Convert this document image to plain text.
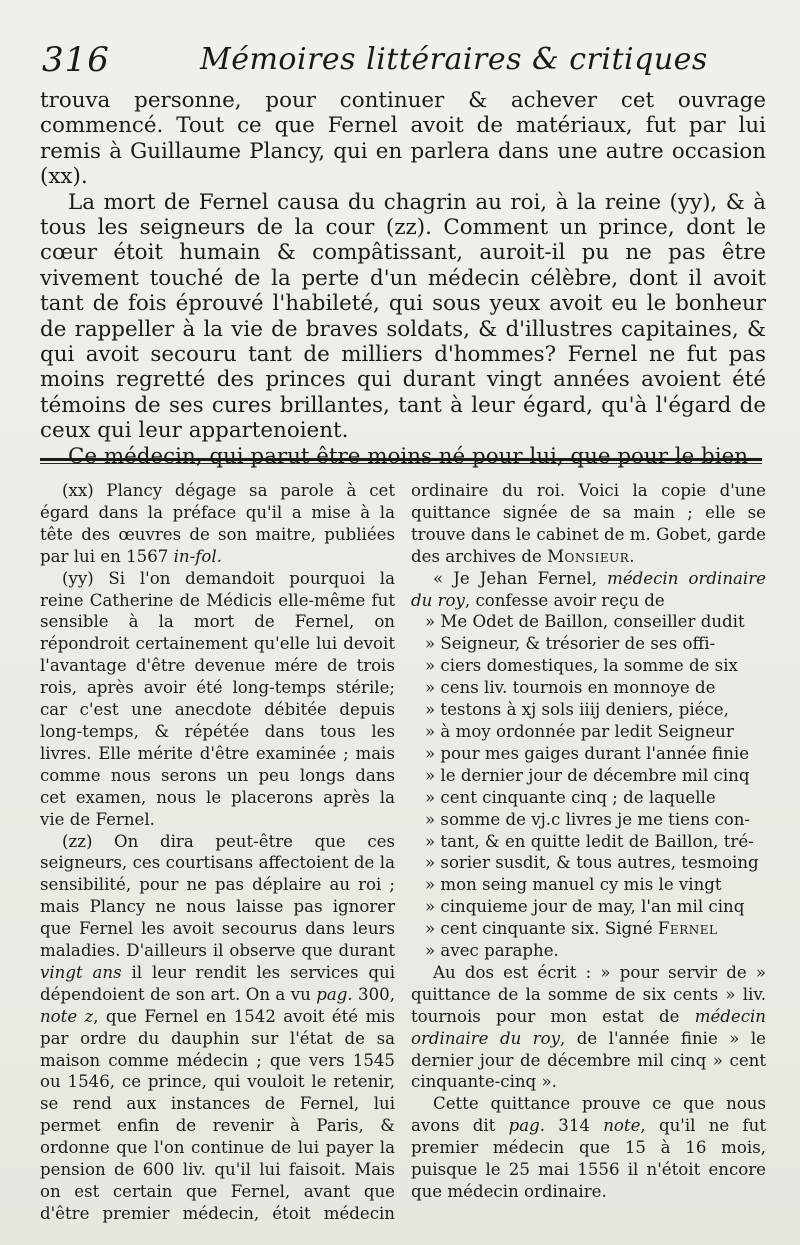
316	Mémoires littéraires & critiques

trouva personne, pour continuer & achever cet ouvrage commencé. Tout ce que Fernel avoit de matériaux, fut par lui remis à Guillaume Plancy, qui en parlera dans une autre occasion (xx).

La mort de Fernel causa du chagrin au roi, à la reine (yy), & à tous les seigneurs de la cour (zz). Comment un prince, dont le cœur étoit humain & compâtissant, auroit-il pu ne pas être vivement touché de la perte d'un médecin célèbre, dont il avoit tant de fois éprouvé l'habileté, qui sous yeux avoit eu le bonheur de rappeller à la vie de braves soldats, & d'illustres capitaines, & qui avoit secouru tant de milliers d'hommes? Fernel ne fut pas moins regretté des princes qui durant vingt années avoient été témoins de ses cures brillantes, tant à leur égard, qu'à l'égard de ceux qui leur appartenoient.

Ce médecin, qui parut être moins né pour lui, que pour le bien

(xx) Plancy dégage sa parole à cet égard dans la préface qu'il a mise à la tête des œuvres de son maitre, publiées par lui en 1567 in-fol.

(yy) Si l'on demandoit pourquoi la reine Catherine de Médicis elle-même fut sensible à la mort de Fernel, on répondroit certainement qu'elle lui devoit l'avantage d'être devenue mére de trois rois, après avoir été long-temps stérile; car c'est une anecdote débitée depuis long-temps, & répétée dans tous les livres. Elle mérite d'être examinée ; mais comme nous serons un peu longs dans cet examen, nous le placerons après la vie de Fernel.

(zz) On dira peut-être que ces seigneurs, ces courtisans affectoient de la sensibilité, pour ne pas déplaire au roi ; mais Plancy ne nous laisse pas ignorer que Fernel les avoit secourus dans leurs maladies. D'ailleurs il observe que durant vingt ans il leur rendit les services qui dépendoient de son art. On a vu pag. 300, note z, que Fernel en 1542 avoit été mis par ordre du dauphin sur l'état de sa maison comme médecin ; que vers 1545 ou 1546, ce prince, qui vouloit le retenir, se rend aux instances de Fernel, lui permet enfin de revenir à Paris, & ordonne que l'on continue de lui payer la pension de 600 liv. qu'il lui faisoit. Mais on est certain que Fernel, avant que d'être premier médecin, étoit médecin ordinaire du roi. Voici la copie d'une quittance signée de sa main ; elle se trouve dans le cabinet de m. Gobet, garde des archives de Monsieur.

« Je Jehan Fernel, médecin ordinaire du roy, confesse avoir reçu de

» Me Odet de Baillon, conseiller dudit

» Seigneur, & trésorier de ses offi-

» ciers domestiques, la somme de six

» cens liv. tournois en monnoye de

» testons à xj sols iiij deniers, piéce,

» à moy ordonnée par ledit Seigneur

» pour mes gaiges durant l'année finie

» le dernier jour de décembre mil cinq

» cent cinquante cinq ; de laquelle

» somme de vj.c livres je me tiens con-

» tant, & en quitte ledit de Baillon, tré-

» sorier susdit, & tous autres, tesmoing

» mon seing manuel cy mis le vingt

» cinquieme jour de may, l'an mil cinq

» cent cinquante six. Signé Fernel

» avec paraphe.

Au dos est écrit : » pour servir de » quittance de la somme de six cents » liv. tournois pour mon estat de médecin ordinaire du roy, de l'année finie » le dernier jour de décembre mil cinq » cent cinquante-cinq ».

Cette quittance prouve ce que nous avons dit pag. 314 note, qu'il ne fut premier médecin que 15 à 16 mois, puisque le 25 mai 1556 il n'étoit encore que médecin ordinaire.
